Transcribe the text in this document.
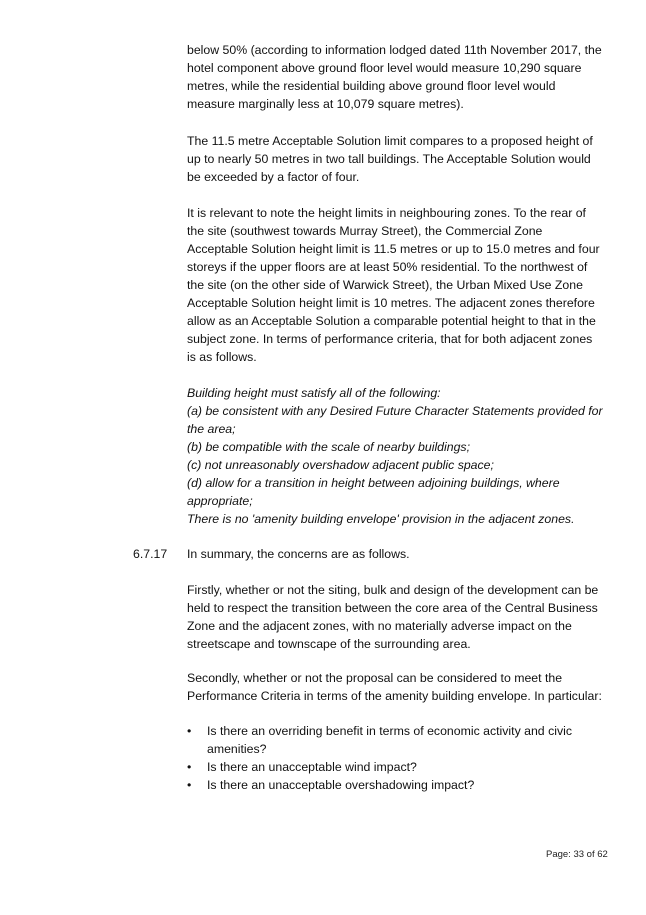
below 50% (according to information lodged dated 11th November 2017, the hotel component above ground floor level would measure 10,290 square metres, while the residential building above ground floor level would measure marginally less at 10,079 square metres).

The 11.5 metre Acceptable Solution limit compares to a proposed height of up to nearly 50 metres in two tall buildings. The Acceptable Solution would be exceeded by a factor of four.

It is relevant to note the height limits in neighbouring zones. To the rear of the site (southwest towards Murray Street), the Commercial Zone Acceptable Solution height limit is 11.5 metres or up to 15.0 metres and four storeys if the upper floors are at least 50% residential. To the northwest of the site (on the other side of Warwick Street), the Urban Mixed Use Zone Acceptable Solution height limit is 10 metres. The adjacent zones therefore allow as an Acceptable Solution a comparable potential height to that in the subject zone. In terms of performance criteria, that for both adjacent zones is as follows.

Building height must satisfy all of the following:

(a) be consistent with any Desired Future Character Statements provided for the area;

(b) be compatible with the scale of nearby buildings;

(c) not unreasonably overshadow adjacent public space;

(d) allow for a transition in height between adjoining buildings, where appropriate;

There is no 'amenity building envelope' provision in the adjacent zones.

6.7.17 In summary, the concerns are as follows.

Firstly, whether or not the siting, bulk and design of the development can be held to respect the transition between the core area of the Central Business Zone and the adjacent zones, with no materially adverse impact on the streetscape and townscape of the surrounding area.

Secondly, whether or not the proposal can be considered to meet the Performance Criteria in terms of the amenity building envelope. In particular:

• Is there an overriding benefit in terms of economic activity and civic amenities?
• Is there an unacceptable wind impact?
• Is there an unacceptable overshadowing impact?
Page: 33 of 62
